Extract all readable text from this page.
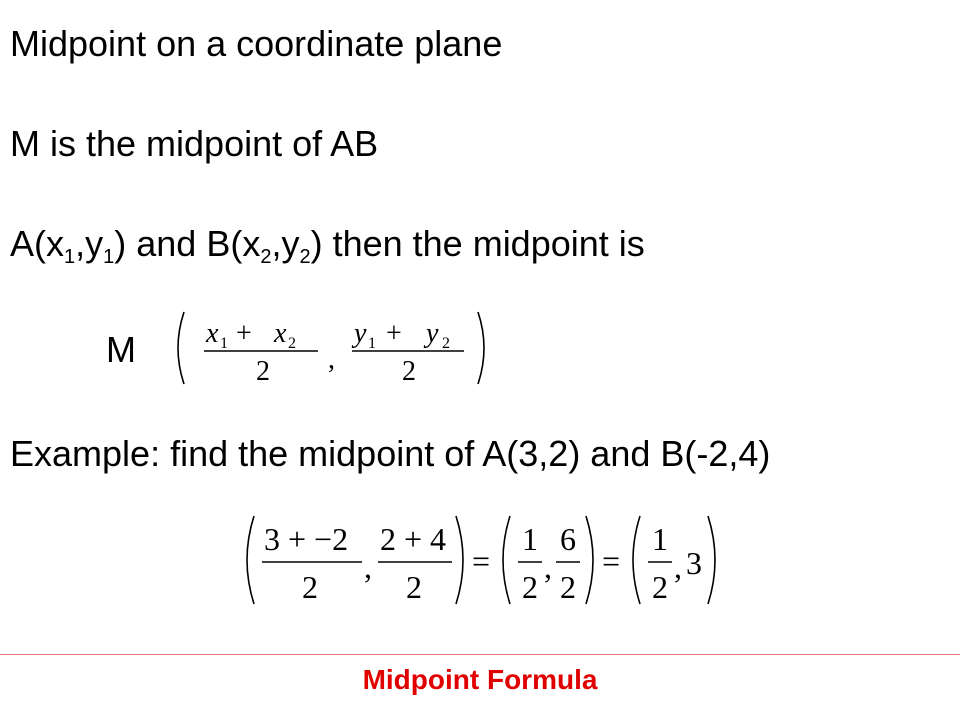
Midpoint on a coordinate plane
M is the midpoint of AB
$A(x_1,y_1)$ and $B(x_2,y_2)$ then the midpoint is
M	x 1 + x 2
2 ,
y 1 + y 2
2
Example: find the midpoint of A(3,2) and B(-2,4)
3 + −2
2
,
2 + 4
2
=
1
2
,
6
2
=
1
2
, 3
Midpoint Formula
